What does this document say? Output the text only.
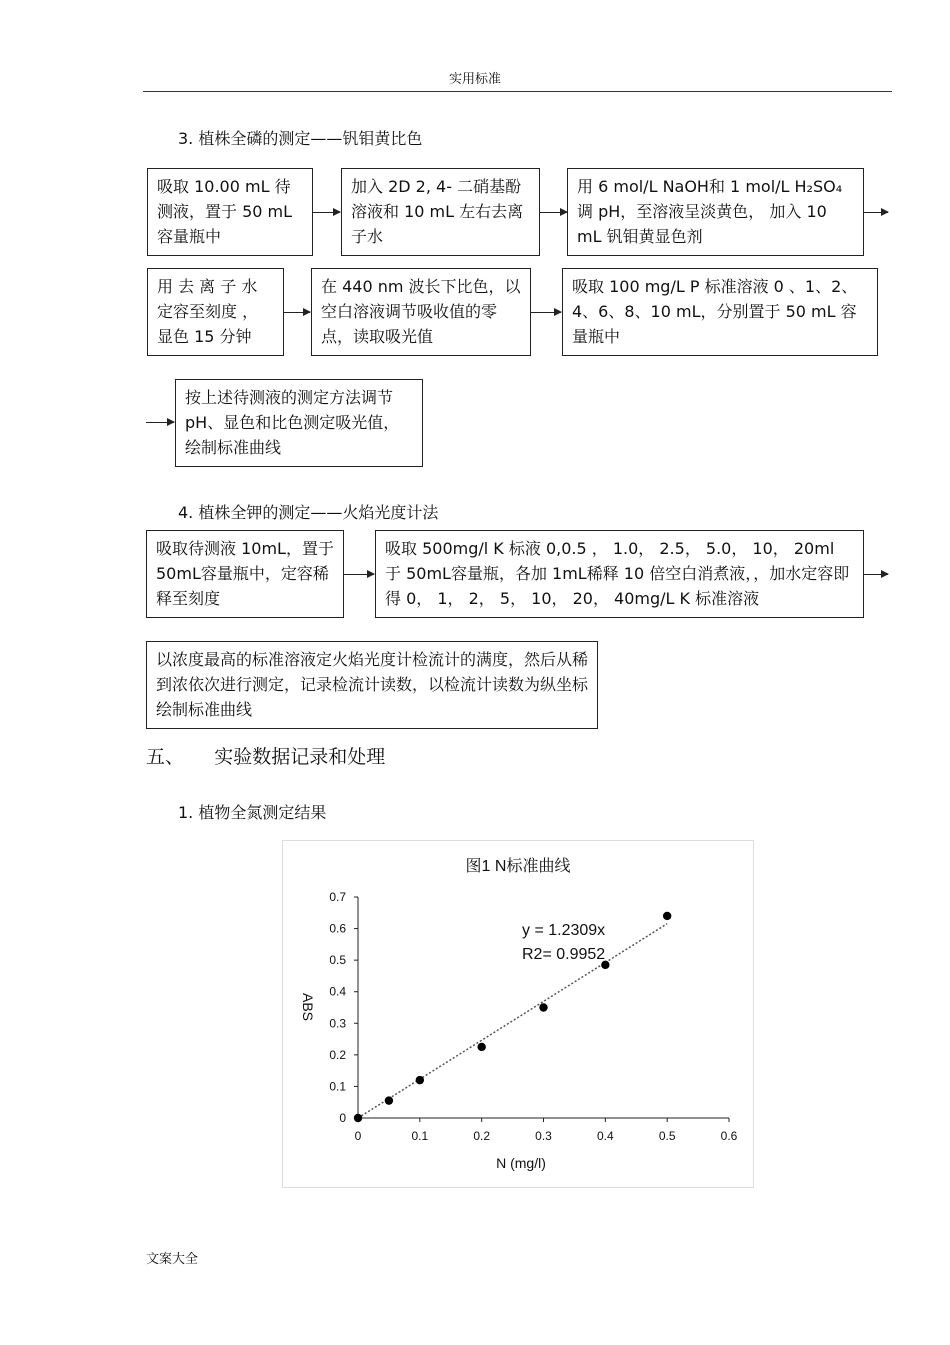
实用标准
3. 植株全磷的测定——钒钼黄比色
吸取 10.00 mL 待测液，置于 50 mL 容量瓶中
加入 2D 2, 4- 二硝基酚溶液和 10 mL 左右去离子水
用 6 mol/L NaOH和 1 mol/L H₂SO₄ 调 pH，至溶液呈淡黄色， 加入 10 mL 钒钼黄显色剂
用 去 离 子 水 定容至刻度 ， 显色 15 分钟
在 440 nm 波长下比色，以空白溶液调节吸收值的零点，读取吸光值
吸取 100 mg/L P 标准溶液 0 、1、2、4、6、8、10 mL，分别置于 50 mL 容量瓶中
按上述待测液的测定方法调节 pH、显色和比色测定吸光值，绘制标准曲线
4. 植株全钾的测定——火焰光度计法
吸取待测液 10mL，置于 50mL容量瓶中，定容稀释至刻度
吸取 500mg/l K 标液 0,0.5 ， 1.0， 2.5， 5.0， 10， 20ml 于 50mL容量瓶，各加 1mL稀释 10 倍空白消煮液，，加水定容即得 0， 1， 2， 5， 10， 20， 40mg/L K 标准溶液
以浓度最高的标准溶液定火焰光度计检流计的满度，然后从稀到浓依次进行测定，记录检流计读数，以检流计读数为纵坐标绘制标准曲线
五、     实验数据记录和处理
1. 植物全氮测定结果
图1 N标准曲线
0	0.1	0.2	0.3	0.4	0.5	0.6
0
0.1
0.2
0.3
0.4
0.5
0.6
0.7
N (mg/l)
ABS
y = 1.2309x
R2= 0.9952
文案大全
